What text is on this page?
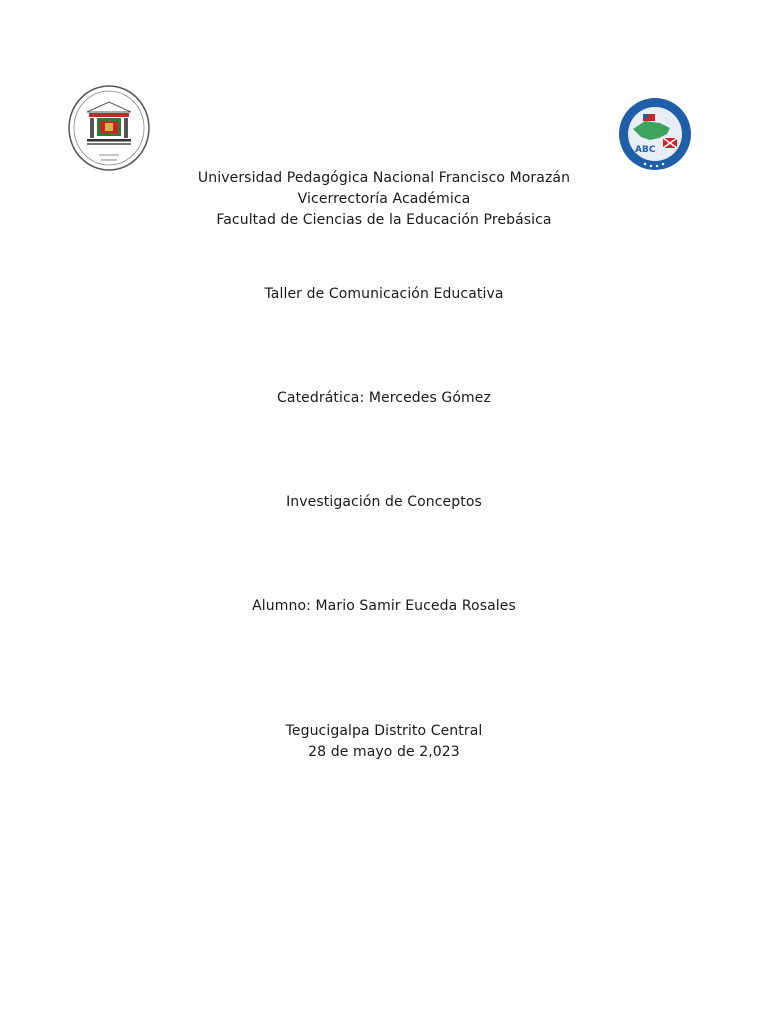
ABC
Universidad Pedagógica Nacional Francisco Morazán
Vicerrectoría Académica
Facultad de Ciencias de la Educación Prebásica
Taller de Comunicación Educativa
Catedrática: Mercedes Gómez
Investigación de Conceptos
Alumno: Mario Samir Euceda Rosales
Tegucigalpa Distrito Central
28 de mayo de 2,023
